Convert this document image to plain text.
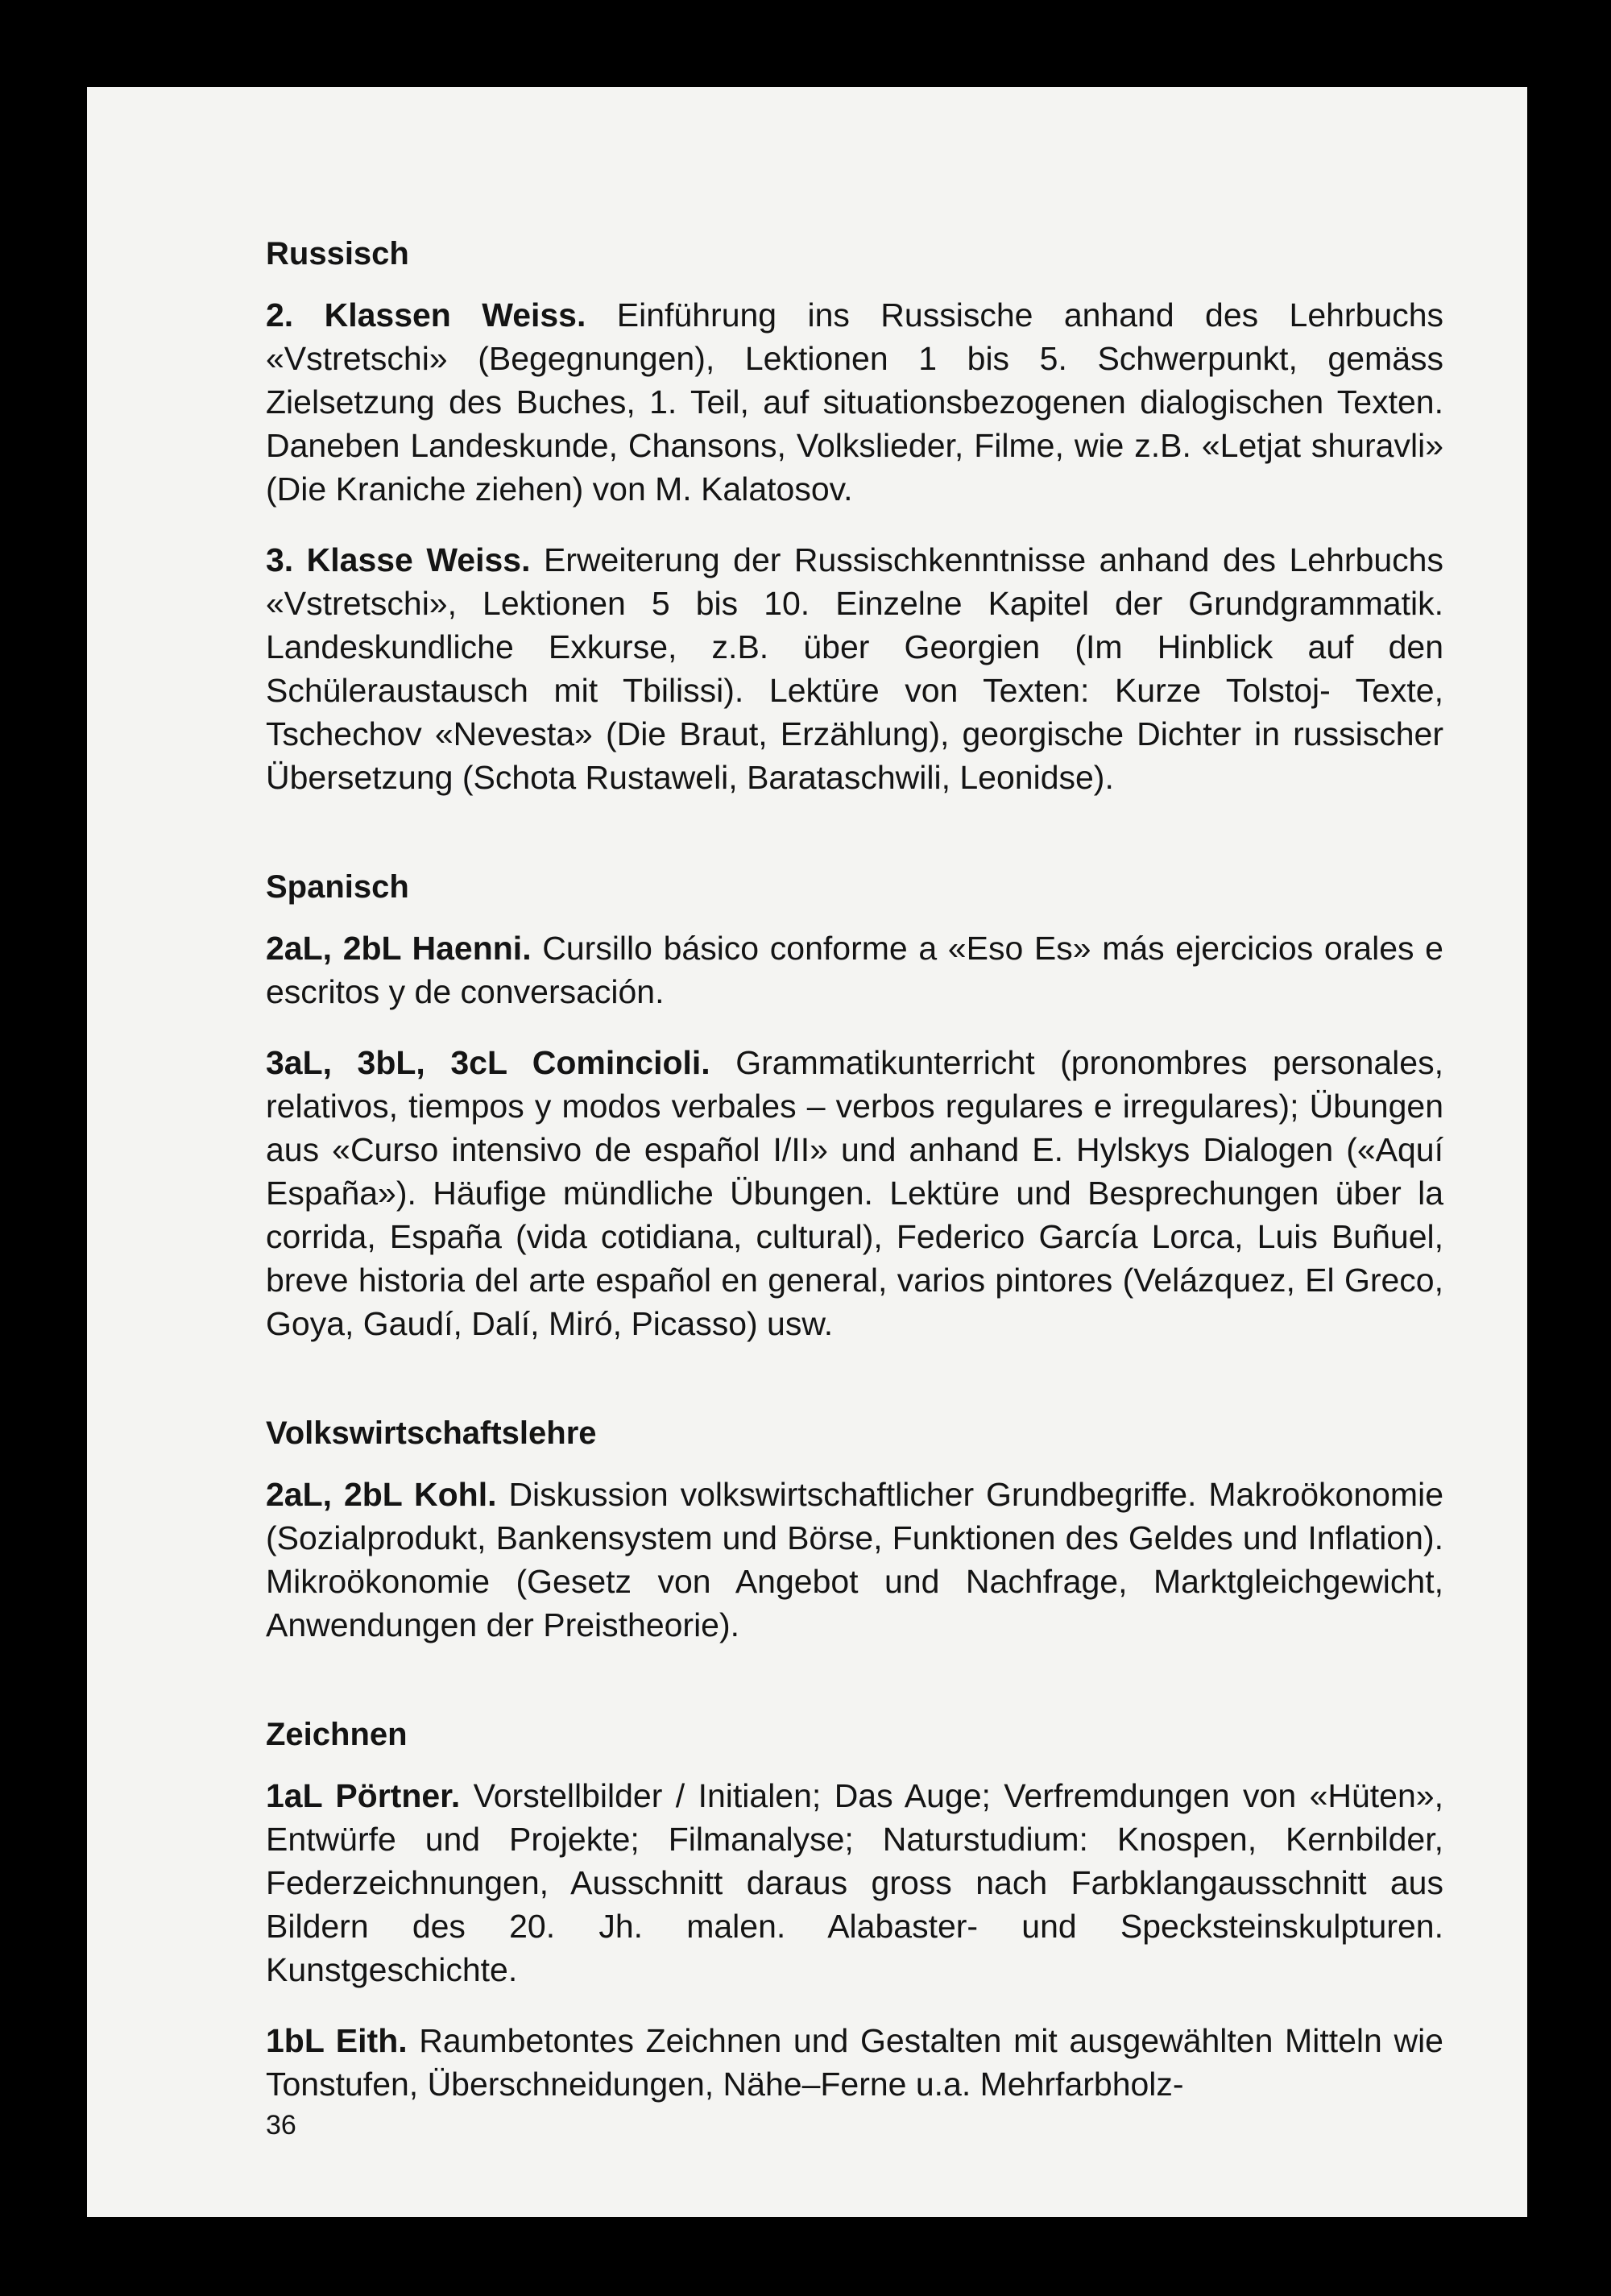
Russisch

2. Klassen Weiss. Einführung ins Russische anhand des Lehrbuchs «Vstretschi» (Begegnungen), Lektionen 1 bis 5. Schwerpunkt, gemäss Zielsetzung des Buches, 1. Teil, auf situationsbezogenen dialogischen Texten. Daneben Landeskunde, Chansons, Volkslieder, Filme, wie z.B. «Letjat shuravli» (Die Kraniche ziehen) von M. Kalatosov.

3. Klasse Weiss. Erweiterung der Russischkenntnisse anhand des Lehrbuchs «Vstretschi», Lektionen 5 bis 10. Einzelne Kapitel der Grundgrammatik. Landeskundliche Exkurse, z.B. über Georgien (Im Hinblick auf den Schüleraustausch mit Tbilissi). Lektüre von Texten: Kurze Tolstoj- Texte, Tschechov «Nevesta» (Die Braut, Erzählung), georgische Dichter in russischer Übersetzung (Schota Rustaweli, Barataschwili, Leonidse).

Spanisch

2aL, 2bL Haenni. Cursillo básico conforme a «Eso Es» más ejercicios orales e escritos y de conversación.

3aL, 3bL, 3cL Comincioli. Grammatikunterricht (pronombres personales, relativos, tiempos y modos verbales – verbos regulares e irregulares); Übungen aus «Curso intensivo de español I/II» und anhand E. Hylskys Dialogen («Aquí España»). Häufige mündliche Übungen. Lektüre und Besprechungen über la corrida, España (vida cotidiana, cultural), Federico García Lorca, Luis Buñuel, breve historia del arte español en general, varios pintores (Velázquez, El Greco, Goya, Gaudí, Dalí, Miró, Picasso) usw.

Volkswirtschaftslehre

2aL, 2bL Kohl. Diskussion volkswirtschaftlicher Grundbegriffe. Makroökonomie (Sozialprodukt, Bankensystem und Börse, Funktionen des Geldes und Inflation). Mikroökonomie (Gesetz von Angebot und Nachfrage, Marktgleichgewicht, Anwendungen der Preistheorie).

Zeichnen

1aL Pörtner. Vorstellbilder / Initialen; Das Auge; Verfremdungen von «Hüten», Entwürfe und Projekte; Filmanalyse; Naturstudium: Knospen, Kernbilder, Federzeichnungen, Ausschnitt daraus gross nach Farbklangausschnitt aus Bildern des 20. Jh. malen. Alabaster- und Specksteinskulpturen. Kunstgeschichte.

1bL Eith. Raumbetontes Zeichnen und Gestalten mit ausgewählten Mitteln wie Tonstufen, Überschneidungen, Nähe–Ferne u.a. Mehrfarbholz-

36
